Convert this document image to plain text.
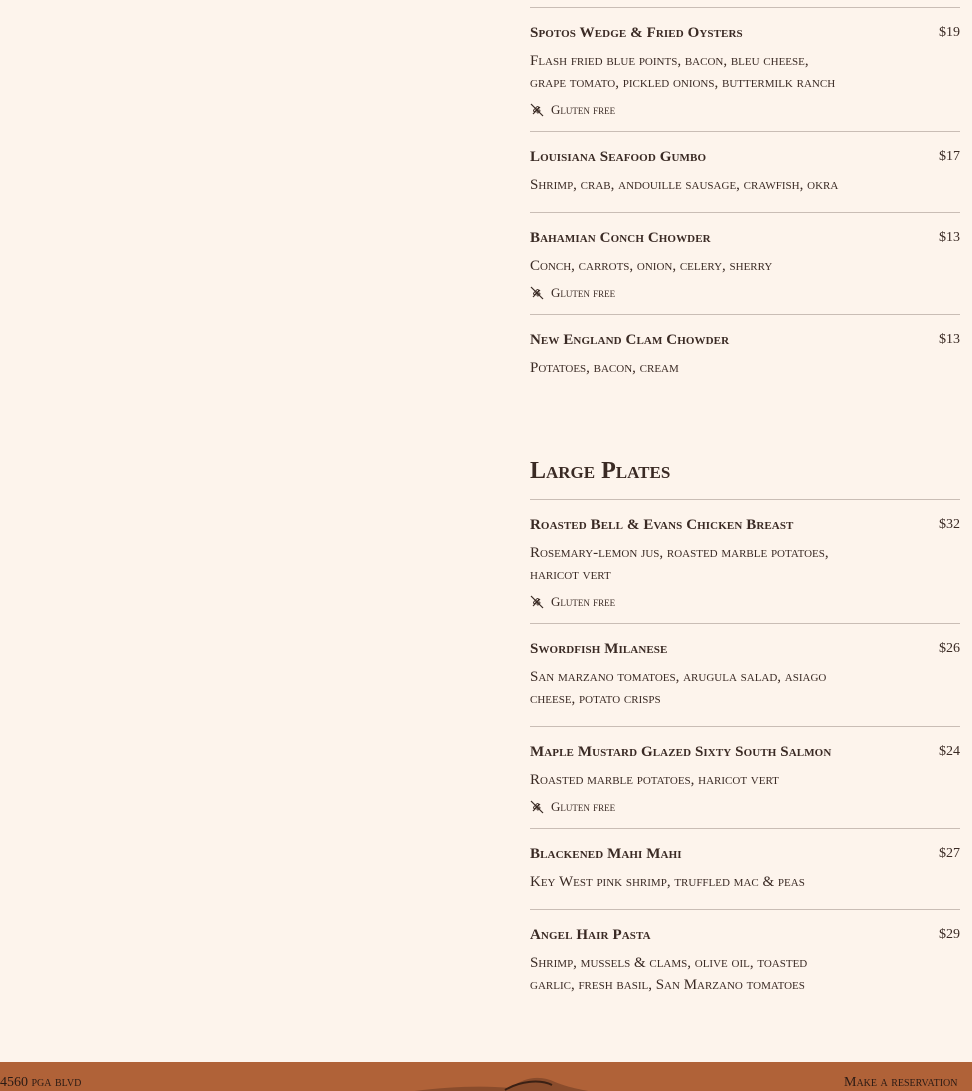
Spotos Wedge & Fried Oysters	$19
Flash fried blue points, bacon, bleu cheese,
grape tomato, pickled onions, buttermilk ranch
Gluten free
Louisiana Seafood Gumbo	$17
Shrimp, crab, andouille sausage, crawfish, okra
Bahamian Conch Chowder	$13
Conch, carrots, onion, celery, sherry
Gluten free
New England Clam Chowder	$13
Potatoes, bacon, cream
Large Plates
Roasted Bell & Evans Chicken Breast	$32
Rosemary-lemon jus, roasted marble potatoes,
haricot vert
Gluten free
Swordfish Milanese	$26
San marzano tomatoes, arugula salad, asiago
cheese, potato crisps
Maple Mustard Glazed Sixty South Salmon	$24
Roasted marble potatoes, haricot vert
Gluten free
Blackened Mahi Mahi	$27
Key West pink shrimp, truffled mac & peas
Angel Hair Pasta	$29
Shrimp, mussels & clams, olive oil, toasted
garlic, fresh basil, San Marzano tomatoes
4560 pga blvd	Make a reservation
